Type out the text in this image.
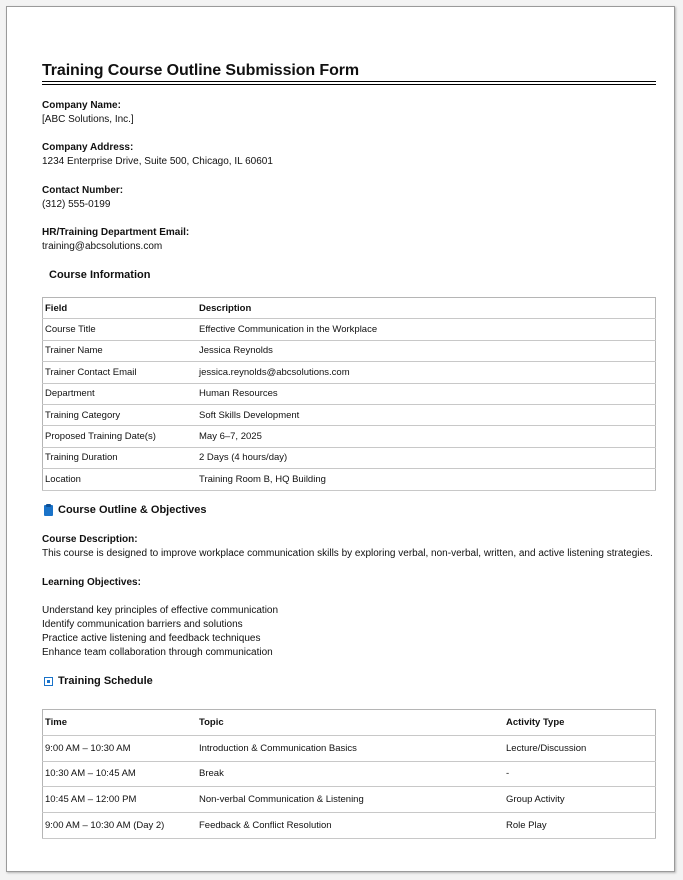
Training Course Outline Submission Form
Company Name:
[ABC Solutions, Inc.]
Company Address:
1234 Enterprise Drive, Suite 500, Chicago, IL 60601
Contact Number:
(312) 555-0199
HR/Training Department Email:
training@abcsolutions.com
Course Information
Field	Description
Course Title	Effective Communication in the Workplace
Trainer Name	Jessica Reynolds
Trainer Contact Email	jessica.reynolds@abcsolutions.com
Department	Human Resources
Training Category	Soft Skills Development
Proposed Training Date(s)	May 6–7, 2025
Training Duration	2 Days (4 hours/day)
Location	Training Room B, HQ Building
Course Outline & Objectives
Course Description:
This course is designed to improve workplace communication skills by exploring verbal, non-verbal, written, and active listening strategies.
Learning Objectives:
Understand key principles of effective communication
Identify communication barriers and solutions
Practice active listening and feedback techniques
Enhance team collaboration through communication
Training Schedule
Time	Topic	Activity Type
9:00 AM – 10:30 AM	Introduction & Communication Basics	Lecture/Discussion
10:30 AM – 10:45 AM	Break	-
10:45 AM – 12:00 PM	Non-verbal Communication & Listening	Group Activity
9:00 AM – 10:30 AM (Day 2)	Feedback & Conflict Resolution	Role Play
